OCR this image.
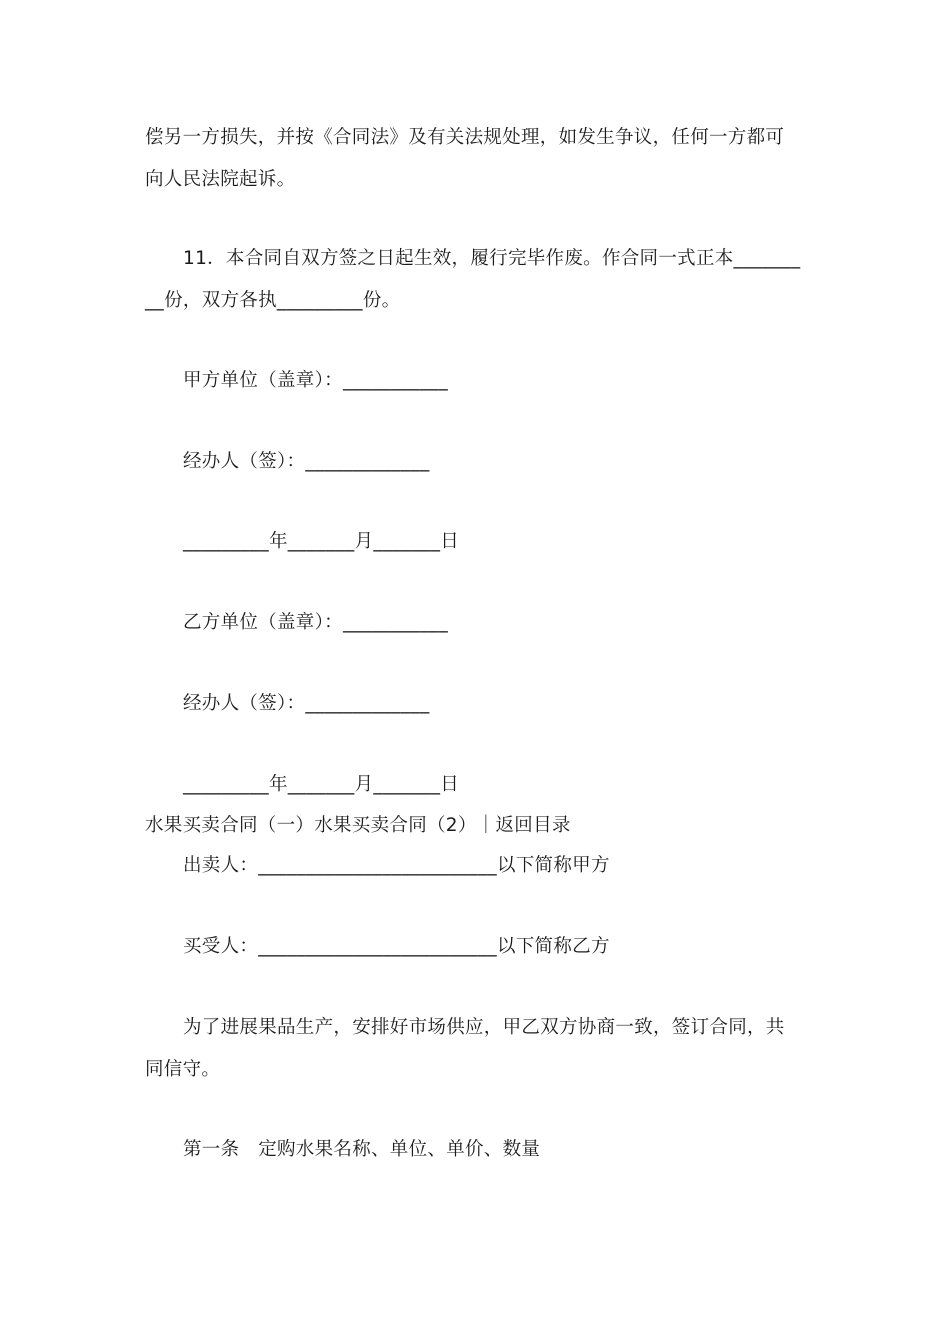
偿另一方损失，并按《合同法》及有关法规处理，如发生争议，任何一方都可
向人民法院起诉。
11．本合同自双方签之日起生效，履行完毕作废。作合同一式正本_______
__份，双方各执_________份。
甲方单位（盖章）：___________
经办人（签）：_____________
_________年_______月_______日
乙方单位（盖章）：___________
经办人（签）：_____________
_________年_______月_______日
水果买卖合同（一）水果买卖合同（2）｜返回目录
出卖人：_________________________以下简称甲方
买受人：_________________________以下简称乙方
为了进展果品生产，安排好市场供应，甲乙双方协商一致，签订合同，共
同信守。
第一条　定购水果名称、单位、单价、数量
